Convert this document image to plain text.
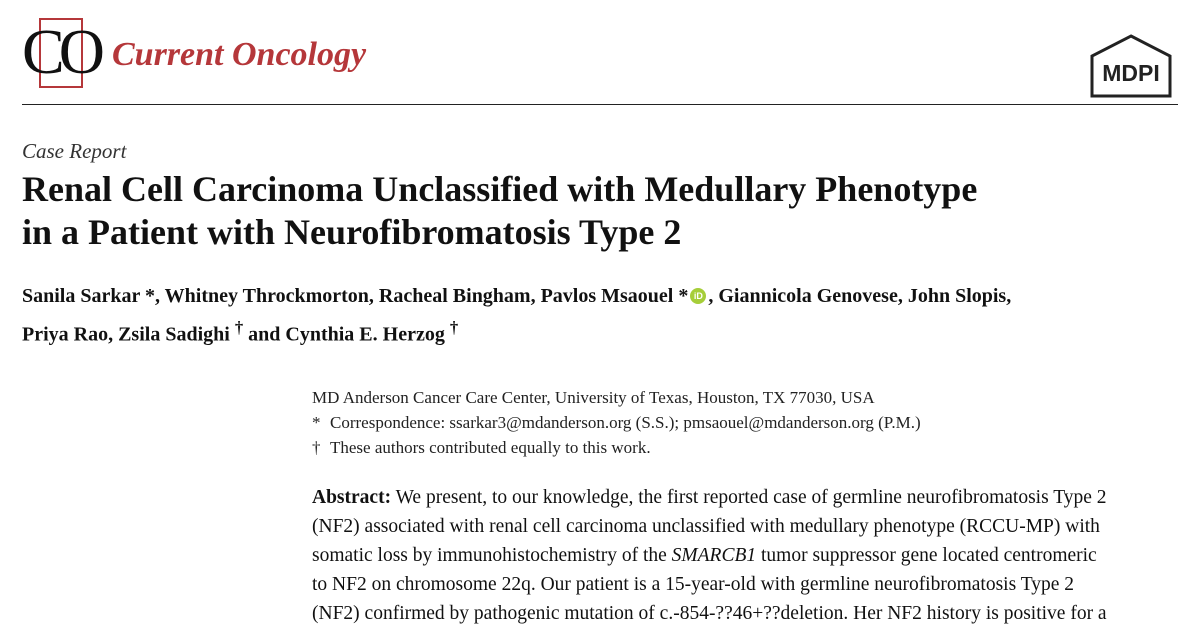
CO Current Oncology	MDPI
Case Report
Renal Cell Carcinoma Unclassified with Medullary Phenotype
in a Patient with Neurofibromatosis Type 2
Sanila Sarkar *, Whitney Throckmorton, Racheal Bingham, Pavlos Msaouel * iD , Giannicola Genovese, John Slopis,
Priya Rao, Zsila Sadighi † and Cynthia E. Herzog †
MD Anderson Cancer Care Center, University of Texas, Houston, TX 77030, USA
* Correspondence: ssarkar3@mdanderson.org (S.S.); pmsaouel@mdanderson.org (P.M.)
† These authors contributed equally to this work.
Abstract: We present, to our knowledge, the first reported case of germline neurofibromatosis Type 2
(NF2) associated with renal cell carcinoma unclassified with medullary phenotype (RCCU-MP) with
somatic loss by immunohistochemistry of the SMARCB1 tumor suppressor gene located centromeric
to NF2 on chromosome 22q. Our patient is a 15-year-old with germline neurofibromatosis Type 2
(NF2) confirmed by pathogenic mutation of c.-854-??46+??deletion. Her NF2 history is positive for a
